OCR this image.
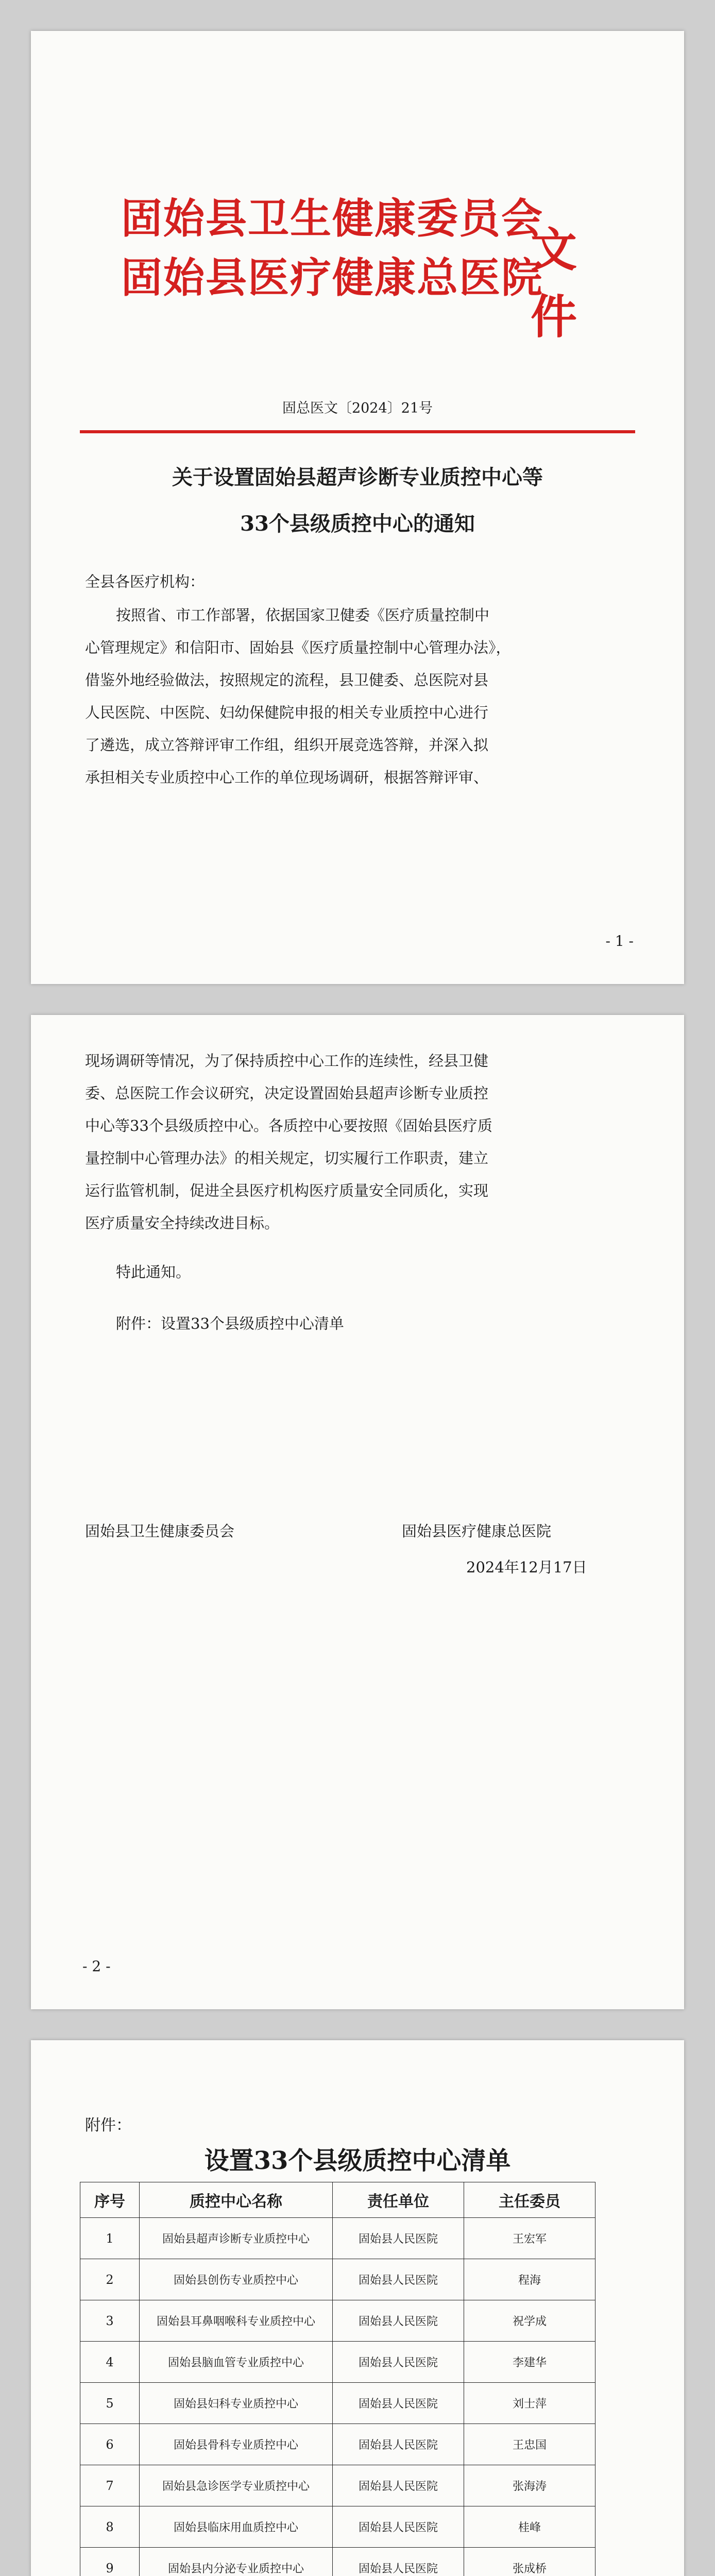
固始县卫生健康委员会
固始县医疗健康总医院
文件
固总医文〔2024〕21号
关于设置固始县超声诊断专业质控中心等
33个县级质控中心的通知
全县各医疗机构：
按照省、市工作部署，依据国家卫健委《医疗质量控制中
心管理规定》和信阳市、固始县《医疗质量控制中心管理办法》，
借鉴外地经验做法，按照规定的流程，县卫健委、总医院对县
人民医院、中医院、妇幼保健院申报的相关专业质控中心进行
了遴选，成立答辩评审工作组，组织开展竞选答辩，并深入拟
承担相关专业质控中心工作的单位现场调研，根据答辩评审、
- 1 -
现场调研等情况，为了保持质控中心工作的连续性，经县卫健
委、总医院工作会议研究，决定设置固始县超声诊断专业质控
中心等33个县级质控中心。各质控中心要按照《固始县医疗质
量控制中心管理办法》的相关规定，切实履行工作职责，建立
运行监管机制，促进全县医疗机构医疗质量安全同质化，实现
医疗质量安全持续改进目标。
特此通知。
附件：设置33个县级质控中心清单
固始县卫生健康委员会	固始县医疗健康总医院
2024年12月17日
- 2 -
附件：
设置33个县级质控中心清单
序号	质控中心名称	责任单位	主任委员
1	固始县超声诊断专业质控中心	固始县人民医院	王宏军
2	固始县创伤专业质控中心	固始县人民医院	程海
3	固始县耳鼻咽喉科专业质控中心	固始县人民医院	祝学成
4	固始县脑血管专业质控中心	固始县人民医院	李建华
5	固始县妇科专业质控中心	固始县人民医院	刘士萍
6	固始县骨科专业质控中心	固始县人民医院	王忠国
7	固始县急诊医学专业质控中心	固始县人民医院	张海涛
8	固始县临床用血质控中心	固始县人民医院	桂峰
9	固始县内分泌专业质控中心	固始县人民医院	张成桥
